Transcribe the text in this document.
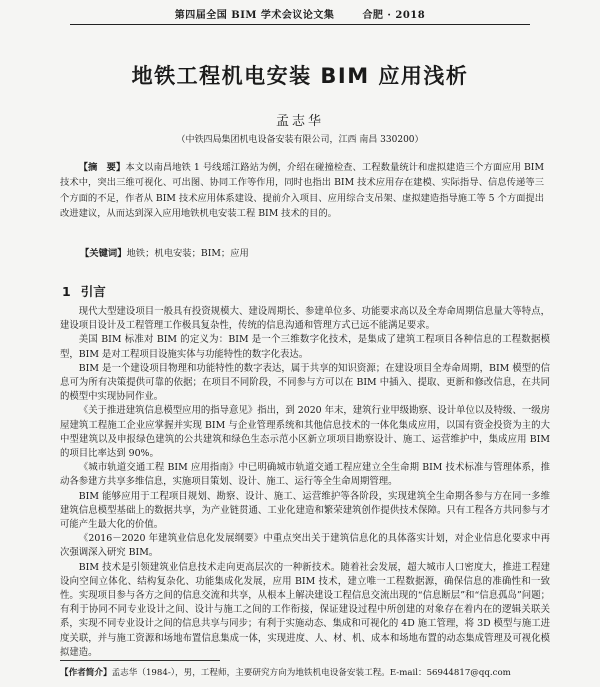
第四届全国 BIM 学术会议论文集	合肥 · 2018
地铁工程机电安装 BIM 应用浅析
孟志华
（中铁四局集团机电设备安装有限公司，江西 南昌 330200）
【摘　要】本文以南昌地铁 1 号线瑶江路站为例，介绍在碰撞检查、工程数量统计和虚拟建造三个方面应用 BIM 技术中，突出三维可视化、可出图、协同工作等作用，同时也指出 BIM 技术应用存在建模、实际指导、信息传递等三个方面的不足，作者从 BIM 技术应用体系建设、提前介入项目、应用综合支吊架、虚拟建造指导施工等 5 个方面提出改进建议，从而达到深入应用地铁机电安装工程 BIM 技术的目的。
【关键词】地铁；机电安装；BIM；应用
1 引言

现代大型建设项目一般具有投资规模大、建设周期长、参建单位多、功能要求高以及全寿命周期信息量大等特点，建设项目设计及工程管理工作极具复杂性，传统的信息沟通和管理方式已远不能满足要求。

美国 BIM 标准对 BIM 的定义为：BIM 是一个三维数字化技术，是集成了建筑工程项目各种信息的工程数据模型，BIM 是对工程项目设施实体与功能特性的数字化表达。

BIM 是一个建设项目物理和功能特性的数字表达，属于共享的知识资源；在建设项目全寿命周期，BIM 模型的信息可为所有决策提供可靠的依据；在项目不同阶段，不同参与方可以在 BIM 中插入、提取、更新和修改信息，在共同的模型中实现协同作业。

《关于推进建筑信息模型应用的指导意见》指出，到 2020 年末，建筑行业甲级勘察、设计单位以及特级、一级房屋建筑工程施工企业应掌握并实现 BIM 与企业管理系统和其他信息技术的一体化集成应用，以国有资金投资为主的大中型建筑以及申报绿色建筑的公共建筑和绿色生态示范小区新立项项目勘察设计、施工、运营维护中，集成应用 BIM 的项目比率达到 90%。

《城市轨道交通工程 BIM 应用指南》中已明确城市轨道交通工程应建立全生命期 BIM 技术标准与管理体系，推动各参建方共享多维信息，实施项目策划、设计、施工、运行等全生命周期管理。

BIM 能够应用于工程项目规划、勘察、设计、施工、运营维护等各阶段，实现建筑全生命期各参与方在同一多维建筑信息模型基础上的数据共享，为产业链贯通、工业化建造和繁荣建筑创作提供技术保障。只有工程各方共同参与才可能产生最大化的价值。

《2016－2020 年建筑业信息化发展纲要》中重点突出关于建筑信息化的具体落实计划，对企业信息化要求中再次强调深入研究 BIM。

BIM 技术是引领建筑业信息技术走向更高层次的一种新技术。随着社会发展，超大城市人口密度大，推进工程建设向空间立体化、结构复杂化、功能集成化发展，应用 BIM 技术，建立唯一工程数据源，确保信息的准确性和一致性。实现项目参与各方之间的信息交流和共享，从根本上解决建设工程信息交流出现的“信息断层”和“信息孤岛”问题；有利于协同不同专业设计之间、设计与施工之间的工作衔接，保证建设过程中所创建的对象存在着内在的逻辑关联关系，实现不同专业设计之间的信息共享与同步；有利于实施动态、集成和可视化的 4D 施工管理，将 3D 模型与施工进度关联，并与施工资源和场地布置信息集成一体，实现进度、人、材、机、成本和场地布置的动态集成管理及可视化模拟建造。

【作者简介】孟志华（1984-），男，工程师，主要研究方向为地铁机电设备安装工程。E-mail：56944817@qq.com
